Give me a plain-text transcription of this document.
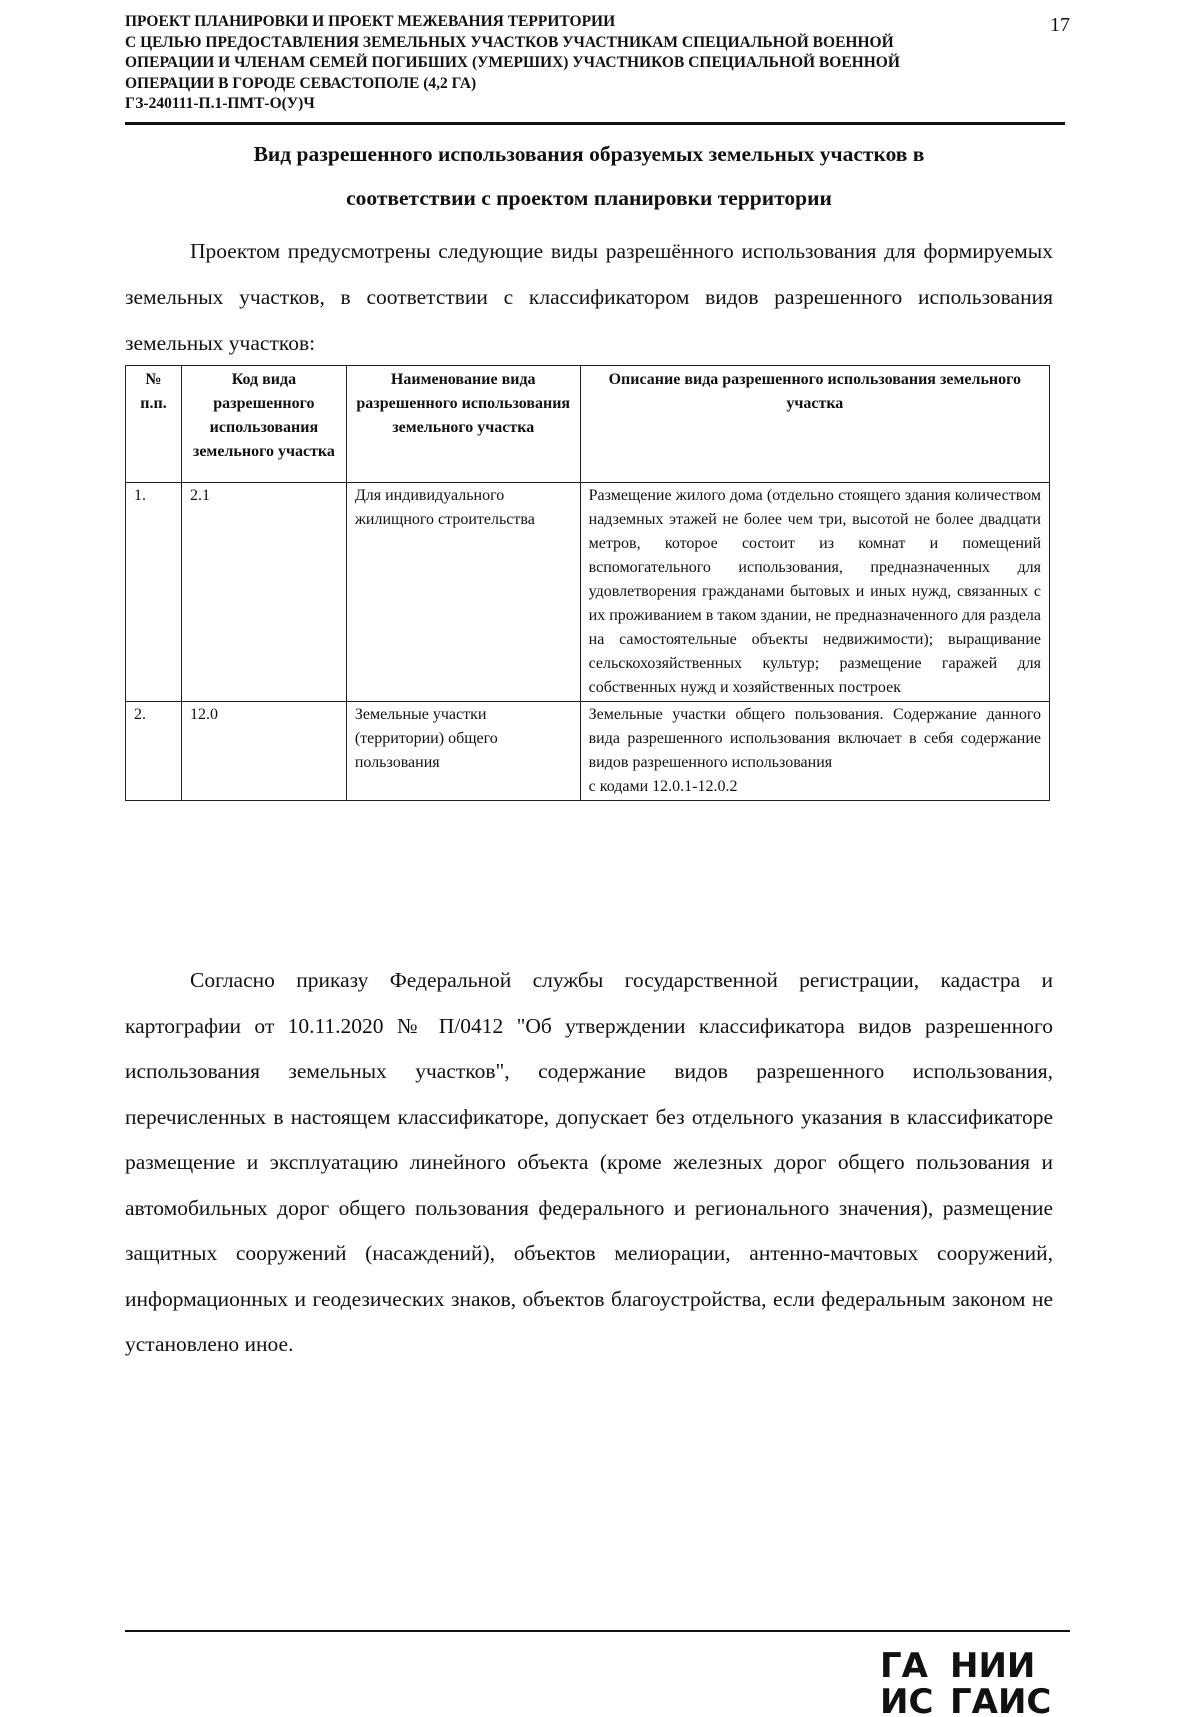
ПРОЕКТ ПЛАНИРОВКИ И ПРОЕКТ МЕЖЕВАНИЯ ТЕРРИТОРИИ
С ЦЕЛЬЮ ПРЕДОСТАВЛЕНИЯ ЗЕМЕЛЬНЫХ УЧАСТКОВ УЧАСТНИКАМ СПЕЦИАЛЬНОЙ ВОЕННОЙ
ОПЕРАЦИИ И ЧЛЕНАМ СЕМЕЙ ПОГИБШИХ (УМЕРШИХ) УЧАСТНИКОВ СПЕЦИАЛЬНОЙ ВОЕННОЙ
ОПЕРАЦИИ В ГОРОДЕ СЕВАСТОПОЛЕ (4,2 ГА)
ГЗ-240111-П.1-ПМТ-О(У)Ч
17
Вид разрешенного использования образуемых земельных участков в
соответствии с проектом планировки территории

Проектом предусмотрены следующие виды разрешённого использования для формируемых земельных участков, в соответствии с классификатором видов разрешенного использования земельных участков:

№ п.п.	Код вида разрешенного использования земельного участка	Наименование вида разрешенного использования земельного участка	Описание вида разрешенного использования земельного участка
1.	2.1	Для индивидуального жилищного строительства	Размещение жилого дома (отдельно стоящего здания количеством надземных этажей не более чем три, высотой не более двадцати метров, которое состоит из комнат и помещений вспомогательного использования, предназначенных для удовлетворения гражданами бытовых и иных нужд, связанных с их проживанием в таком здании, не предназначенного для раздела на самостоятельные объекты недвижимости); выращивание сельскохозяйственных культур; размещение гаражей для собственных нужд и хозяйственных построек
2.	12.0	Земельные участки (территории) общего пользования	Земельные участки общего пользования. Содержание данного вида разрешенного использования включает в себя содержание видов разрешенного использования
с кодами 12.0.1-12.0.2

Согласно приказу Федеральной службы государственной регистрации, кадастра и картографии от 10.11.2020 № П/0412 "Об утверждении классификатора видов разрешенного использования земельных участков", содержание видов разрешенного использования, перечисленных в настоящем классификаторе, допускает без отдельного указания в классификаторе размещение и эксплуатацию линейного объекта (кроме железных дорог общего пользования и автомобильных дорог общего пользования федерального и регионального значения), размещение защитных сооружений (насаждений), объектов мелиорации, антенно-мачтовых сооружений, информационных и геодезических знаков, объектов благоустройства, если федеральным законом не установлено иное.

ГА НИИ
ИС ГАИС
